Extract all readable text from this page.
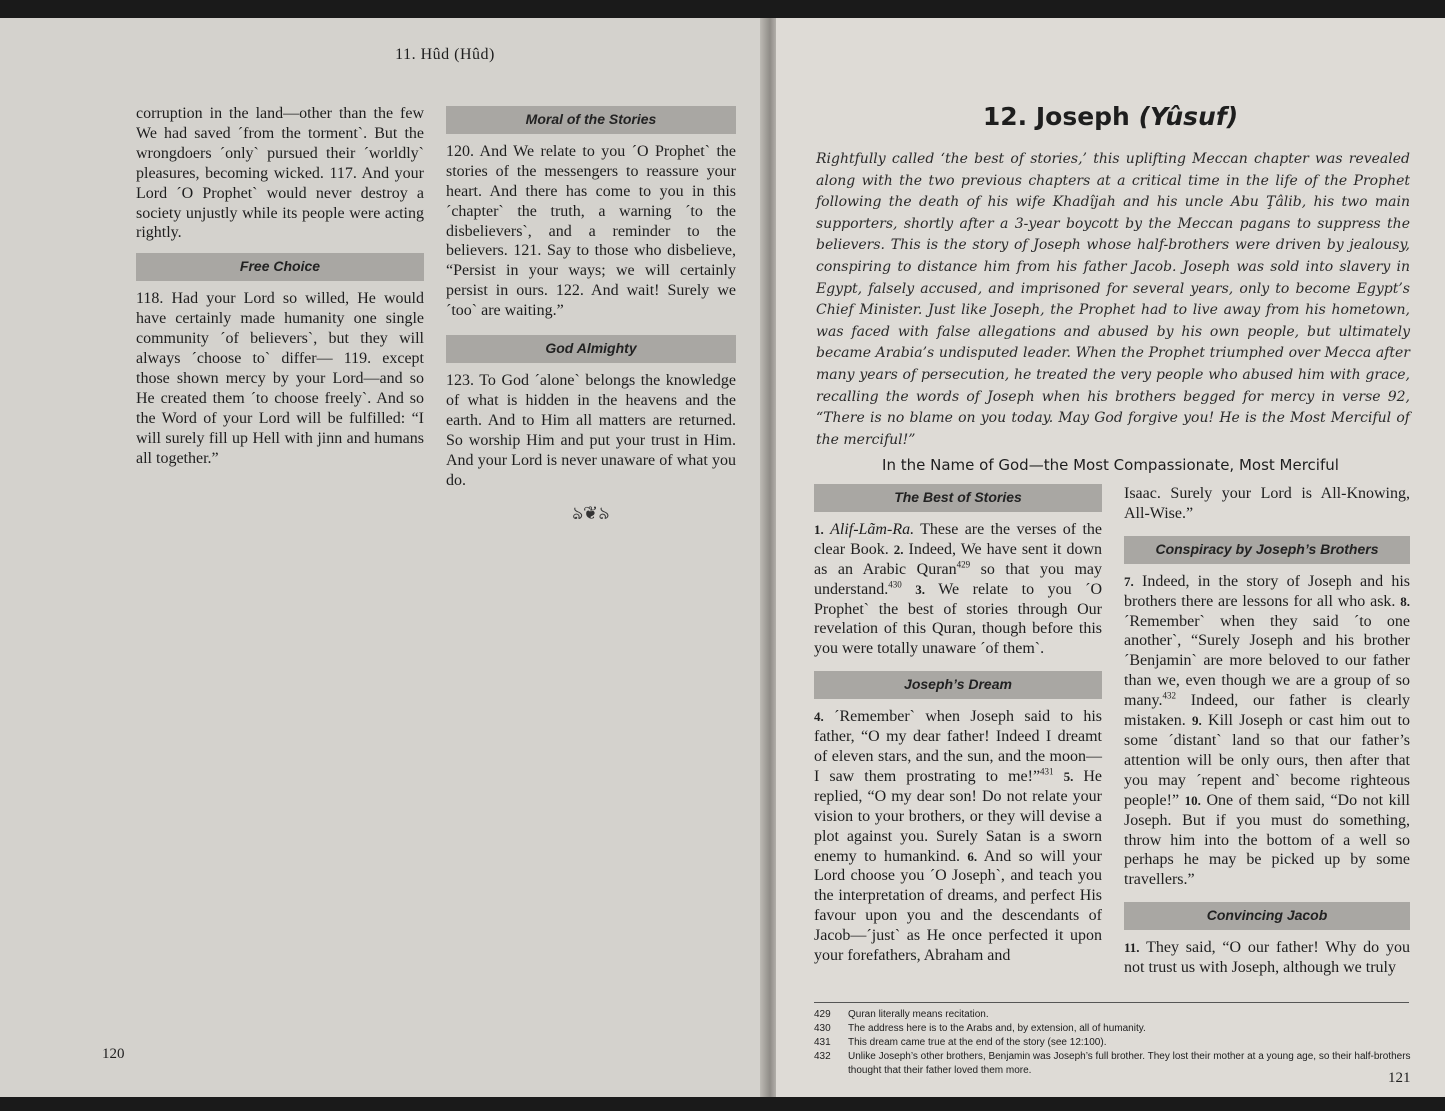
11. Hûd (Hûd)

corruption in the land—other than the few We had saved ´from the torment`. But the wrongdoers ´only` pursued their ´worldly` pleasures, becoming wicked. 117. And your Lord ´O Prophet` would never destroy a society unjustly while its people were acting rightly.

Free Choice

118. Had your Lord so willed, He would have certainly made humanity one single community ´of believers`, but they will always ´choose to` differ— 119. except those shown mercy by your Lord—and so He created them ´to choose freely`. And so the Word of your Lord will be fulfilled: “I will surely fill up Hell with jinn and humans all together.”

Moral of the Stories

120. And We relate to you ´O Prophet` the stories of the messengers to reassure your heart. And there has come to you in this ´chapter` the truth, a warning ´to the disbelievers`, and a reminder to the believers. 121. Say to those who disbelieve, “Persist in your ways; we will certainly persist in ours. 122. And wait! Surely we ´too` are waiting.”

God Almighty

123. To God ´alone` belongs the knowledge of what is hidden in the heavens and the earth. And to Him all matters are returned. So worship Him and put your trust in Him. And your Lord is never unaware of what you do.

ঌ❦৯
120
12. Joseph (Yûsuf)
Rightfully called ‘the best of stories,’ this uplifting Meccan chapter was revealed along with the two previous chapters at a critical time in the life of the Prophet following the death of his wife Khadîjah and his uncle Abu Ţâlib, his two main supporters, shortly after a 3-year boycott by the Meccan pagans to suppress the believers. This is the story of Joseph whose half-brothers were driven by jealousy, conspiring to distance him from his father Jacob. Joseph was sold into slavery in Egypt, falsely accused, and imprisoned for several years, only to become Egypt’s Chief Minister. Just like Joseph, the Prophet had to live away from his hometown, was faced with false allegations and abused by his own people, but ultimately became Arabia’s undisputed leader. When the Prophet triumphed over Mecca after many years of persecution, he treated the very people who abused him with grace, recalling the words of Joseph when his brothers begged for mercy in verse 92, “There is no blame on you today. May God forgive you! He is the Most Merciful of the merciful!”
In the Name of God—the Most Compassionate, Most Merciful
The Best of Stories

1. Alif-Lãm-Ra. These are the verses of the clear Book. 2. Indeed, We have sent it down as an Arabic Quran$^{429}$ so that you may understand.$^{430}$ 3. We relate to you ´O Prophet` the best of stories through Our revelation of this Quran, though before this you were totally unaware ´of them`.

Joseph’s Dream

4. ´Remember` when Joseph said to his father, “O my dear father! Indeed I dreamt of eleven stars, and the sun, and the moon—I saw them prostrating to me!”$^{431}$ 5. He replied, “O my dear son! Do not relate your vision to your brothers, or they will devise a plot against you. Surely Satan is a sworn enemy to humankind. 6. And so will your Lord choose you ´O Joseph`, and teach you the interpretation of dreams, and perfect His favour upon you and the descendants of Jacob—´just` as He once perfected it upon your forefathers, Abraham and

Isaac. Surely your Lord is All-Knowing, All-Wise.”

Conspiracy by Joseph’s Brothers

7. Indeed, in the story of Joseph and his brothers there are lessons for all who ask. 8. ´Remember` when they said ´to one another`, “Surely Joseph and his brother ´Benjamin` are more beloved to our father than we, even though we are a group of so many.$^{432}$ Indeed, our father is clearly mistaken. 9. Kill Joseph or cast him out to some ´distant` land so that our father’s attention will be only ours, then after that you may ´repent and` become righteous people!” 10. One of them said, “Do not kill Joseph. But if you must do something, throw him into the bottom of a well so perhaps he may be picked up by some travellers.”

Convincing Jacob

11. They said, “O our father! Why do you not trust us with Joseph, although we truly

429	Quran literally means recitation.
430	The address here is to the Arabs and, by extension, all of humanity.
431	This dream came true at the end of the story (see 12:100).
432	Unlike Joseph’s other brothers, Benjamin was Joseph’s full brother. They lost their mother at a young age, so their half-brothers thought that their father loved them more.	121
